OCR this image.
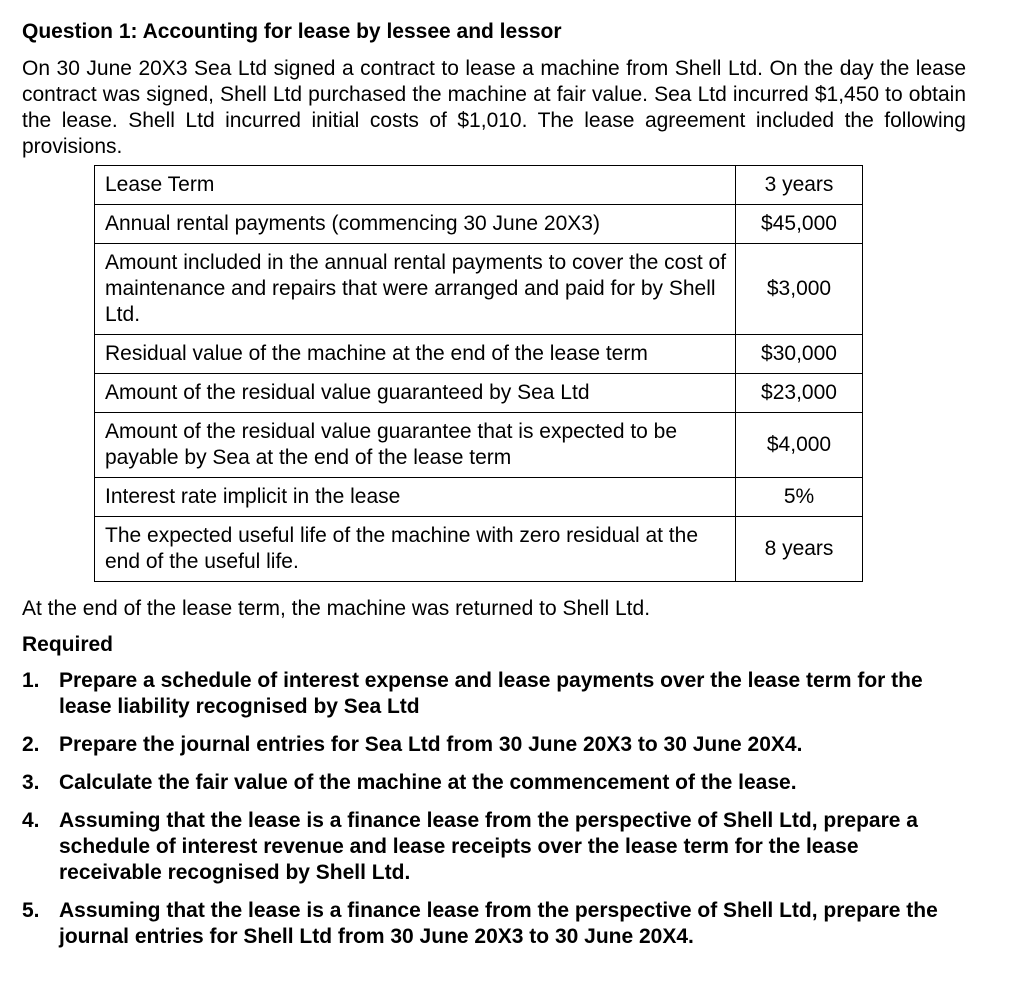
Question 1: Accounting for lease by lessee and lessor
On 30 June 20X3 Sea Ltd signed a contract to lease a machine from Shell Ltd. On the day the lease contract was signed, Shell Ltd purchased the machine at fair value. Sea Ltd incurred $1,450 to obtain the lease. Shell Ltd incurred initial costs of $1,010. The lease agreement included the following provisions.
Lease Term	3 years
Annual rental payments (commencing 30 June 20X3)	$45,000
Amount included in the annual rental payments to cover the cost of maintenance and repairs that were arranged and paid for by Shell Ltd.	$3,000
Residual value of the machine at the end of the lease term	$30,000
Amount of the residual value guaranteed by Sea Ltd	$23,000
Amount of the residual value guarantee that is expected to be payable by Sea at the end of the lease term	$4,000
Interest rate implicit in the lease	5%
The expected useful life of the machine with zero residual at the end of the useful life.	8 years
At the end of the lease term, the machine was returned to Shell Ltd.
Required
1. Prepare a schedule of interest expense and lease payments over the lease term for the lease liability recognised by Sea Ltd
2. Prepare the journal entries for Sea Ltd from 30 June 20X3 to 30 June 20X4.
3. Calculate the fair value of the machine at the commencement of the lease.
4. Assuming that the lease is a finance lease from the perspective of Shell Ltd, prepare a schedule of interest revenue and lease receipts over the lease term for the lease receivable recognised by Shell Ltd.
5. Assuming that the lease is a finance lease from the perspective of Shell Ltd, prepare the journal entries for Shell Ltd from 30 June 20X3 to 30 June 20X4.
